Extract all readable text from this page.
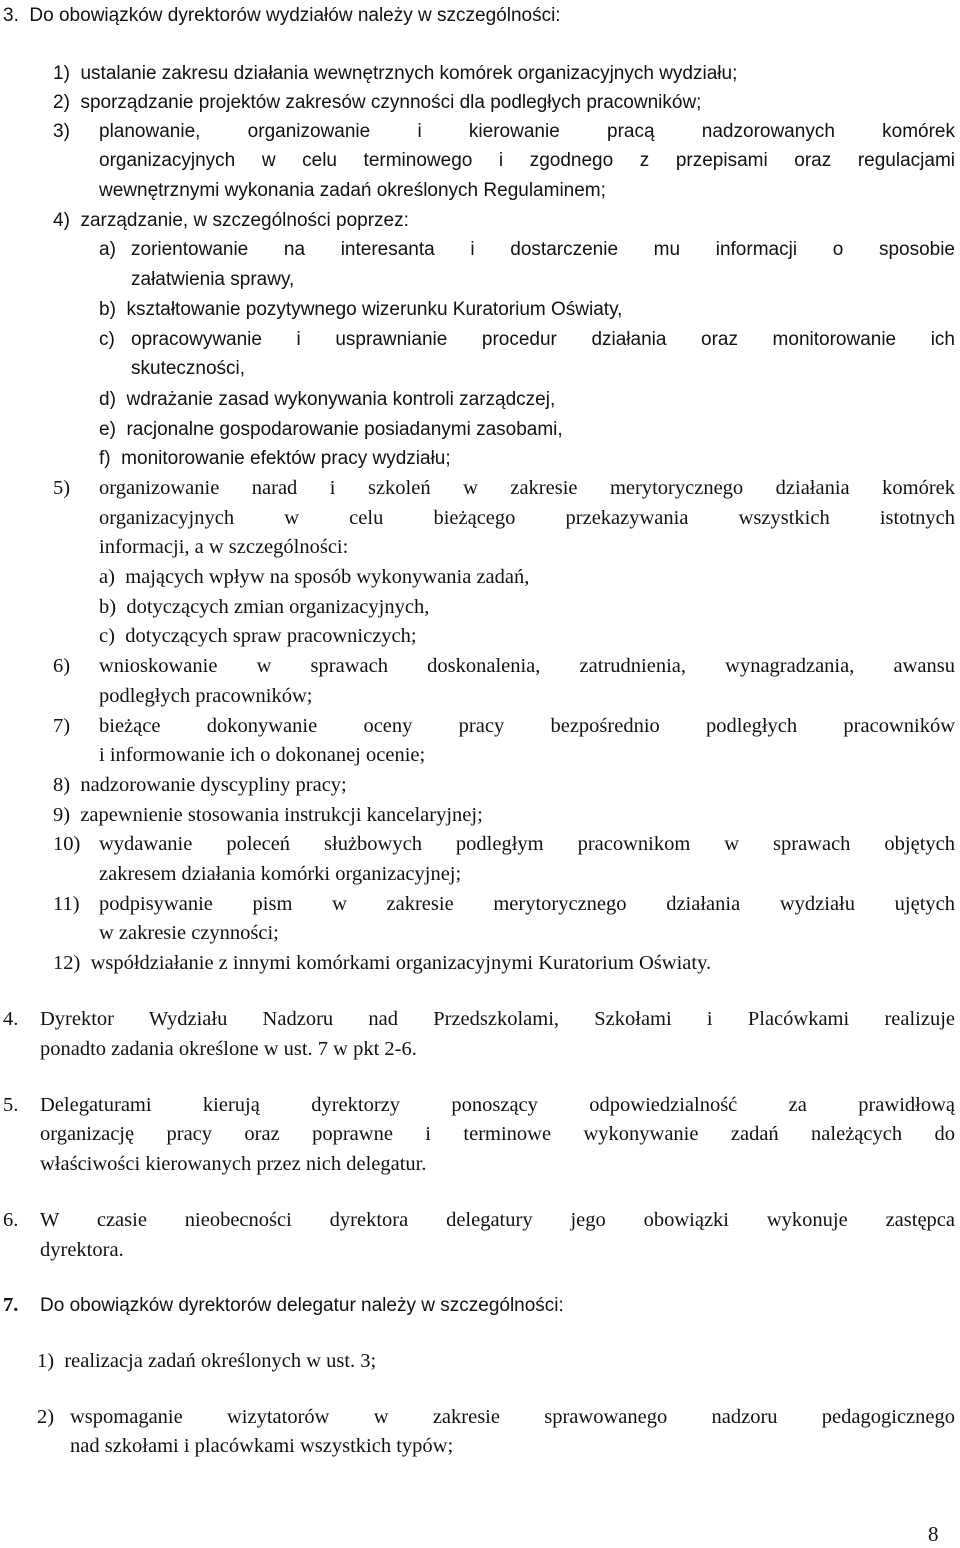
3. Do obowiązków dyrektorów wydziałów należy w szczególności:
1) ustalanie zakresu działania wewnętrznych komórek organizacyjnych wydziału;
2) sporządzanie projektów zakresów czynności dla podległych pracowników;
3) planowanie, organizowanie i kierowanie pracą nadzorowanych komórek
organizacyjnych w celu terminowego i zgodnego z przepisami oraz regulacjami
wewnętrznymi wykonania zadań określonych Regulaminem;
4) zarządzanie, w szczególności poprzez:
a) zorientowanie na interesanta i dostarczenie mu informacji o sposobie
załatwienia sprawy,
b) kształtowanie pozytywnego wizerunku Kuratorium Oświaty,
c) opracowywanie i usprawnianie procedur działania oraz monitorowanie ich
skuteczności,
d) wdrażanie zasad wykonywania kontroli zarządczej,
e) racjonalne gospodarowanie posiadanymi zasobami,
f) monitorowanie efektów pracy wydziału;
5) organizowanie narad i szkoleń w zakresie merytorycznego działania komórek
organizacyjnych w celu bieżącego przekazywania wszystkich istotnych
informacji, a w szczególności:
a) mających wpływ na sposób wykonywania zadań,
b) dotyczących zmian organizacyjnych,
c) dotyczących spraw pracowniczych;
6) wnioskowanie w sprawach doskonalenia, zatrudnienia, wynagradzania, awansu
podległych pracowników;
7) bieżące dokonywanie oceny pracy bezpośrednio podległych pracowników
i informowanie ich o dokonanej ocenie;
8) nadzorowanie dyscypliny pracy;
9) zapewnienie stosowania instrukcji kancelaryjnej;
10) wydawanie poleceń służbowych podległym pracownikom w sprawach objętych
zakresem działania komórki organizacyjnej;
11) podpisywanie pism w zakresie merytorycznego działania wydziału ujętych
w zakresie czynności;
12) współdziałanie z innymi komórkami organizacyjnymi Kuratorium Oświaty.
4. Dyrektor Wydziału Nadzoru nad Przedszkolami, Szkołami i Placówkami realizuje
ponadto zadania określone w ust. 7 w pkt 2-6.
5. Delegaturami kierują dyrektorzy ponoszący odpowiedzialność za prawidłową
organizację pracy oraz poprawne i terminowe wykonywanie zadań należących do
właściwości kierowanych przez nich delegatur.
6. W czasie nieobecności dyrektora delegatury jego obowiązki wykonuje zastępca
dyrektora.
7. Do obowiązków dyrektorów delegatur należy w szczególności:
1) realizacja zadań określonych w ust. 3;
2) wspomaganie wizytatorów w zakresie sprawowanego nadzoru pedagogicznego
nad szkołami i placówkami wszystkich typów;
8
